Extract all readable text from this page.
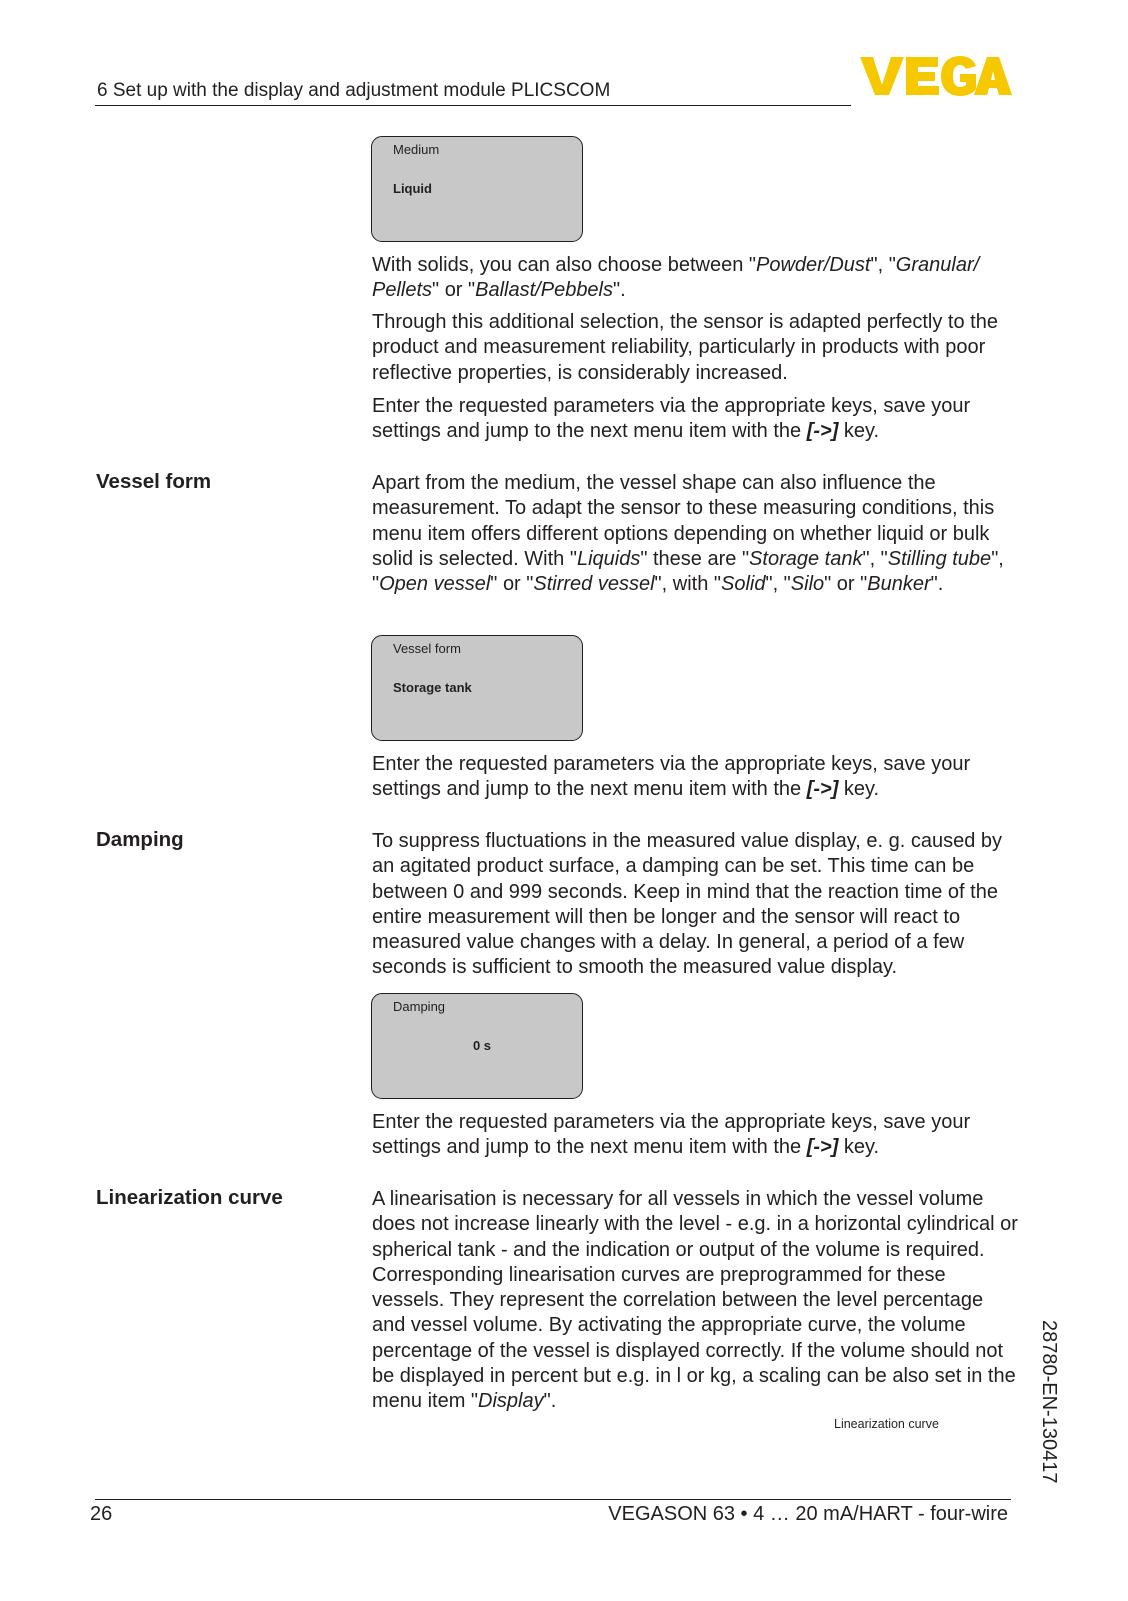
6 Set up with the display and adjustment module PLICSCOM
Medium
Liquid

With solids, you can also choose between "Powder/Dust", "Granular/ Pellets" or "Ballast/Pebbels".

Through this additional selection, the sensor is adapted perfectly to the product and measurement reliability, particularly in products with poor reflective properties, is considerably increased.

Enter the requested parameters via the appropriate keys, save your settings and jump to the next menu item with the [->] key.

Vessel form	Apart from the medium, the vessel shape can also influence the measurement. To adapt the sensor to these measuring conditions, this menu item offers different options depending on whether liquid or bulk solid is selected. With "Liquids" these are "Storage tank", "Stilling tube", "Open vessel" or "Stirred vessel", with "Solid", "Silo" or "Bunker".

Vessel form
Storage tank

Enter the requested parameters via the appropriate keys, save your settings and jump to the next menu item with the [->] key.

Damping	To suppress fluctuations in the measured value display, e. g. caused by an agitated product surface, a damping can be set. This time can be between 0 and 999 seconds. Keep in mind that the reaction time of the entire measurement will then be longer and the sensor will react to measured value changes with a delay. In general, a period of a few seconds is sufficient to smooth the measured value display.

Damping
0 s

Enter the requested parameters via the appropriate keys, save your settings and jump to the next menu item with the [->] key.

Linearization curve	A linearisation is necessary for all vessels in which the vessel volume does not increase linearly with the level - e.g. in a horizontal cylindrical or spherical tank - and the indication or output of the volume is required. Corresponding linearisation curves are preprogrammed for these vessels. They represent the correlation between the level percentage and vessel volume. By activating the appropriate curve, the volume percentage of the vessel is displayed correctly. If the volume should not be displayed in percent but e.g. in l or kg, a scaling can be also set in the menu item "Display".

Linearization curve	28780-EN-130417
26	VEGASON 63 • 4 … 20 mA/HART - four-wire
